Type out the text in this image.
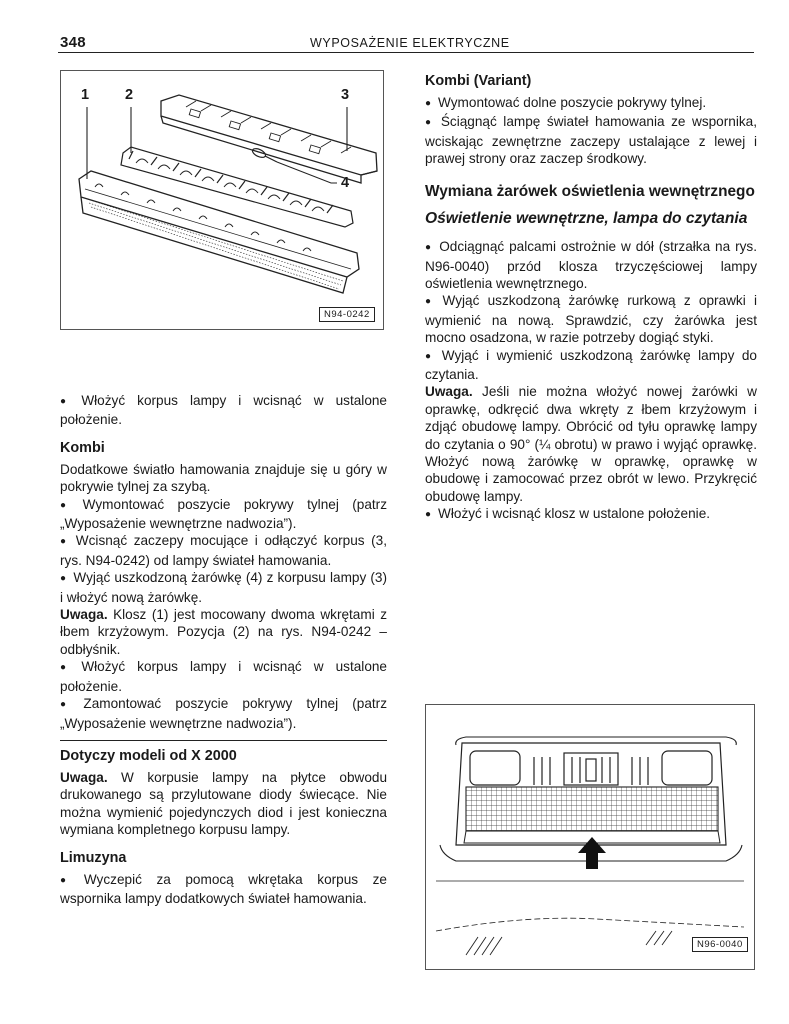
348	WYPOSAŻENIE ELEKTRYCZNE
1 2	3
4
N94-0242

● Włożyć korpus lampy i wcisnąć w ustalone położenie.

Kombi

Dodatkowe światło hamowania znajduje się u góry w pokrywie tylnej za szybą.

● Wymontować poszycie pokrywy tylnej (patrz „Wyposażenie wewnętrzne nadwozia”).

● Wcisnąć zaczepy mocujące i odłączyć korpus (3, rys. N94-0242) od lampy świateł hamowania.

● Wyjąć uszkodzoną żarówkę (4) z korpusu lampy (3) i włożyć nową żarówkę.

Uwaga. Klosz (1) jest mocowany dwoma wkrętami z łbem krzyżowym. Pozycja (2) na rys. N94-0242 – odbłyśnik.

● Włożyć korpus lampy i wcisnąć w ustalone położenie.

● Zamontować poszycie pokrywy tylnej (patrz „Wyposażenie wewnętrzne nadwozia”).

Dotyczy modeli od X 2000

Uwaga. W korpusie lampy na płytce obwodu drukowanego są przylutowane diody świecące. Nie można wymienić pojedynczych diod i jest konieczna wymiana kompletnego korpusu lampy.

Limuzyna

● Wyczepić za pomocą wkrętaka korpus ze wspornika lampy dodatkowych świateł hamowania.

Kombi (Variant)

● Wymontować dolne poszycie pokrywy tylnej.

● Ściągnąć lampę świateł hamowania ze wspornika, wciskając zewnętrzne zaczepy ustalające z lewej i prawej strony oraz zaczep środkowy.

Wymiana żarówek oświetlenia wewnętrznego

Oświetlenie wewnętrzne, lampa do czytania

● Odciągnąć palcami ostrożnie w dół (strzałka na rys. N96-0040) przód klosza trzyczęściowej lampy oświetlenia wewnętrznego.

● Wyjąć uszkodzoną żarówkę rurkową z oprawki i wymienić na nową. Sprawdzić, czy żarówka jest mocno osadzona, w razie potrzeby dogiąć styki.

● Wyjąć i wymienić uszkodzoną żarówkę lampy do czytania.

Uwaga. Jeśli nie można włożyć nowej żarówki w oprawkę, odkręcić dwa wkręty z łbem krzyżowym i zdjąć obudowę lampy. Obrócić od tyłu oprawkę lampy do czytania o 90° (¼ obrotu) w prawo i wyjąć oprawkę. Włożyć nową żarówkę w oprawkę, oprawkę w obudowę i zamocować przez obrót w lewo. Przykręcić obudowę lampy.

● Włożyć i wcisnąć klosz w ustalone położenie.

N96-0040
